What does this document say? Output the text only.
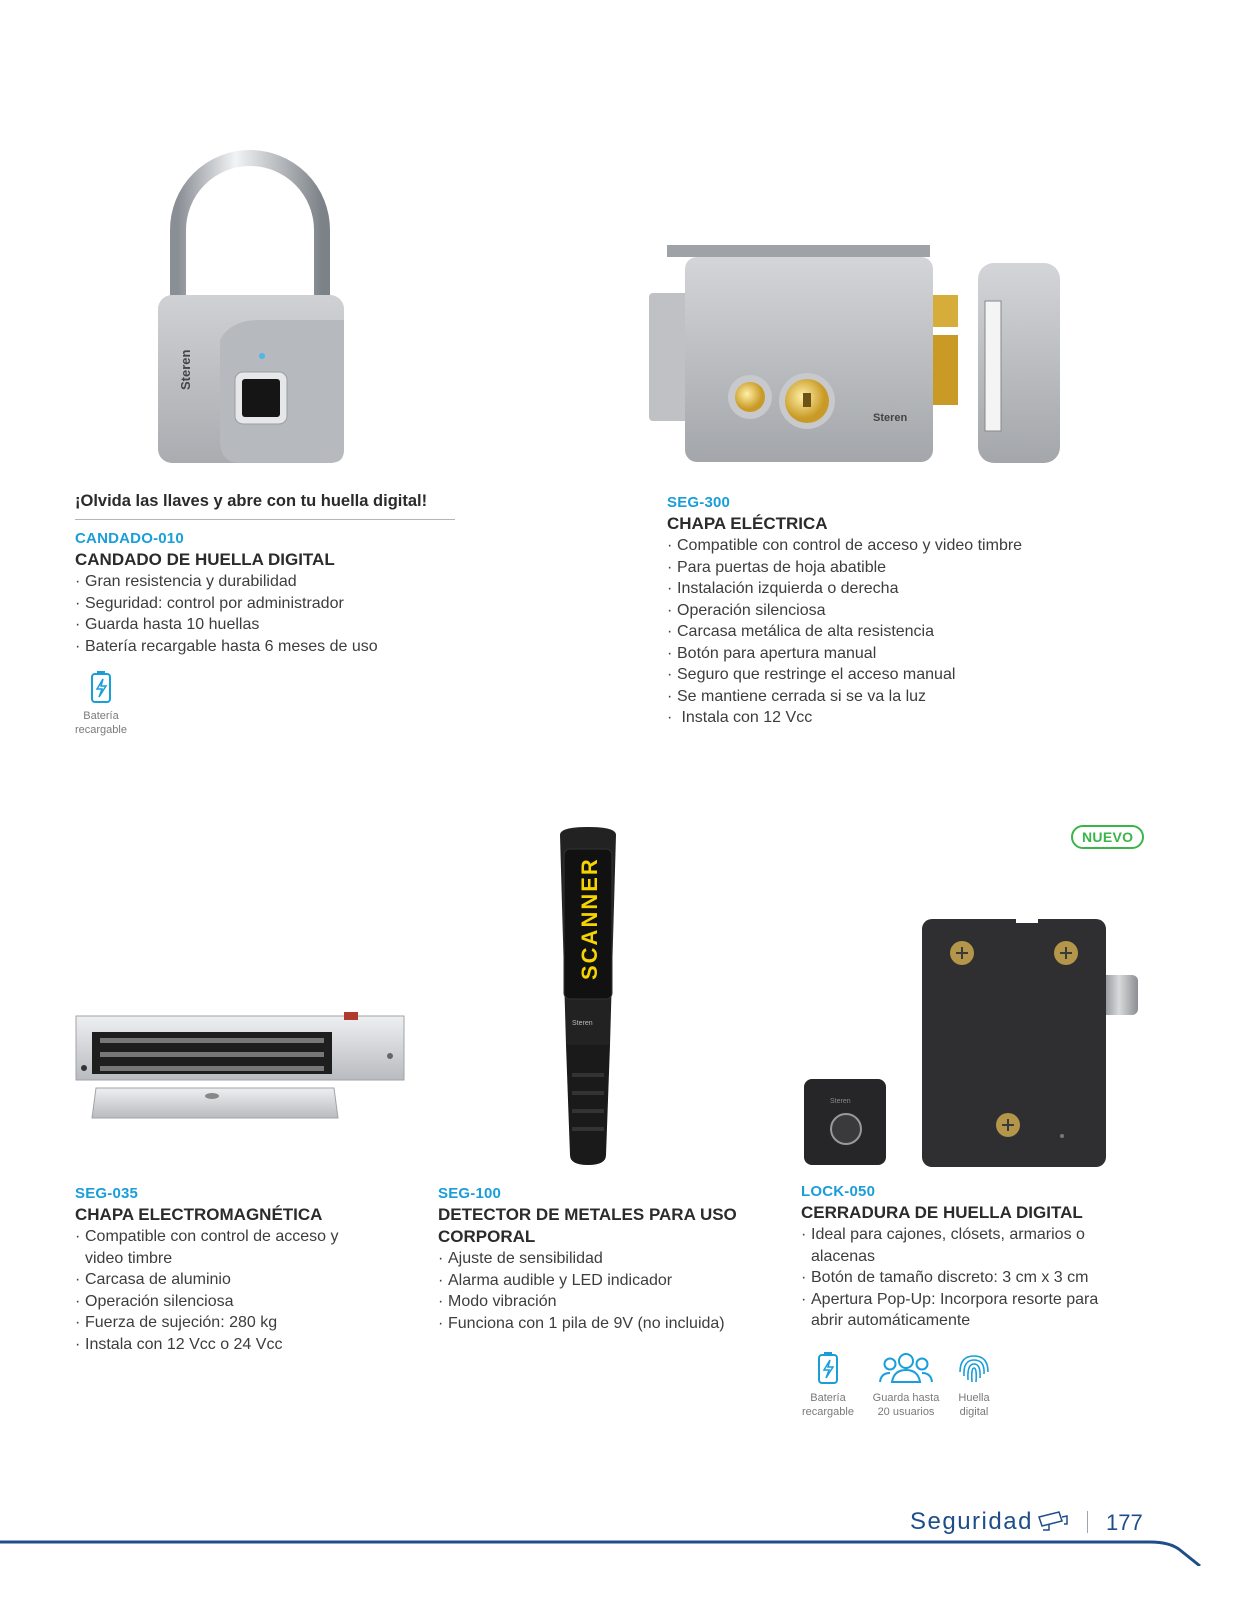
Steren
¡Olvida las llaves y abre con tu huella digital!
CANDADO-010
CANDADO DE HUELLA DIGITAL
· Gran resistencia y durabilidad
· Seguridad: control por administrador
· Guarda hasta 10 huellas
· Batería recargable hasta 6 meses de uso
Batería
recargable
Steren
SEG-300
CHAPA ELÉCTRICA
· Compatible con control de acceso y video timbre
· Para puertas de hoja abatible
· Instalación izquierda o derecha
· Operación silenciosa
· Carcasa metálica de alta resistencia
· Botón para apertura manual
· Seguro que restringe el acceso manual
· Se mantiene cerrada si se va la luz
· Instala con 12 Vcc
NUEVO
SCANNER
Steren
Steren
SEG-035
CHAPA ELECTROMAGNÉTICA
· Compatible con control de acceso y video timbre
· Carcasa de aluminio
· Operación silenciosa
· Fuerza de sujeción: 280 kg
· Instala con 12 Vcc o 24 Vcc
SEG-100
DETECTOR DE METALES PARA USO CORPORAL
· Ajuste de sensibilidad
· Alarma audible y LED indicador
· Modo vibración
· Funciona con 1 pila de 9V (no incluida)
LOCK-050
CERRADURA DE HUELLA DIGITAL
· Ideal para cajones, clósets, armarios o alacenas
· Botón de tamaño discreto: 3 cm x 3 cm
· Apertura Pop-Up: Incorpora resorte para abrir automáticamente
Batería
recargable
Guarda hasta
20 usuarios
Huella
digital
Seguridad	177
